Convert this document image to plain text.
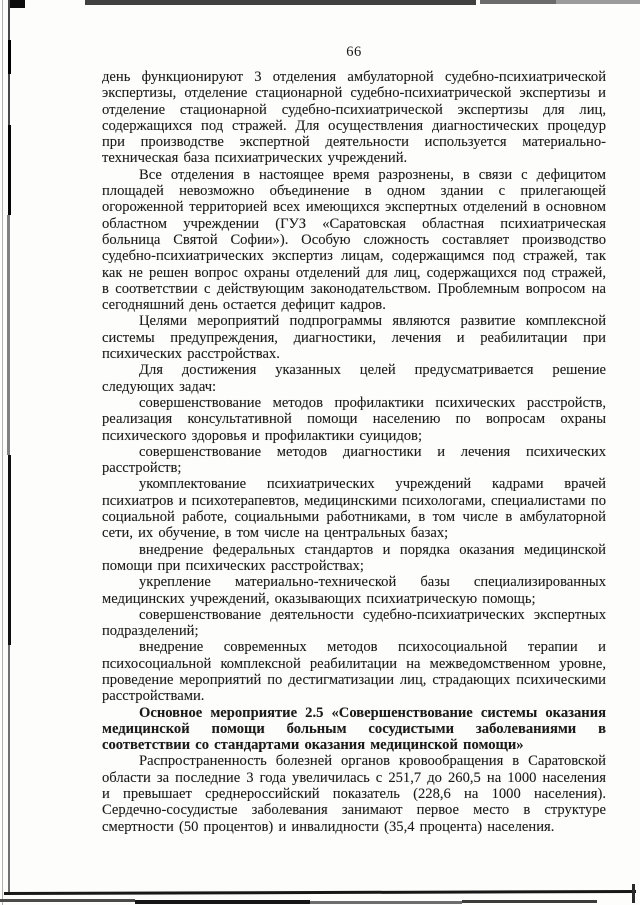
66

день функционируют 3 отделения амбулаторной судебно-психиатрической экспертизы, отделение стационарной судебно-психиатрической экспертизы и отделение стационарной судебно-психиатрической экспертизы для лиц, содержащихся под стражей. Для осуществления диагностических процедур при производстве экспертной деятельности используется материально-техническая база психиатрических учреждений.

Все отделения в настоящее время разрознены, в связи с дефицитом площадей невозможно объединение в одном здании с прилегающей огороженной территорией всех имеющихся экспертных отделений в основном областном учреждении (ГУЗ «Саратовская областная психиатрическая больница Святой Софии»). Особую сложность составляет производство судебно-психиатрических экспертиз лицам, содержащимся под стражей, так как не решен вопрос охраны отделений для лиц, содержащихся под стражей, в соответствии с действующим законодательством. Проблемным вопросом на сегодняшний день остается дефицит кадров.

Целями мероприятий подпрограммы являются развитие комплексной системы предупреждения, диагностики, лечения и реабилитации при психических расстройствах.

Для достижения указанных целей предусматривается решение следующих задач:

совершенствование методов профилактики психических расстройств, реализация консультативной помощи населению по вопросам охраны психического здоровья и профилактики суицидов;

совершенствование методов диагностики и лечения психических расстройств;

укомплектование психиатрических учреждений кадрами врачей психиатров и психотерапевтов, медицинскими психологами, специалистами по социальной работе, социальными работниками, в том числе в амбулаторной сети, их обучение, в том числе на центральных базах;

внедрение федеральных стандартов и порядка оказания медицинской помощи при психических расстройствах;

укрепление материально-технической базы специализированных медицинских учреждений, оказывающих психиатрическую помощь;

совершенствование деятельности судебно-психиатрических экспертных подразделений;

внедрение современных методов психосоциальной терапии и психосоциальной комплексной реабилитации на межведомственном уровне, проведение мероприятий по дестигматизации лиц, страдающих психическими расстройствами.

Основное мероприятие 2.5 «Совершенствование системы оказания медицинской помощи больным сосудистыми заболеваниями в соответствии со стандартами оказания медицинской помощи»

Распространенность болезней органов кровообращения в Саратовской области за последние 3 года увеличилась с 251,7 до 260,5 на 1000 населения и превышает среднероссийский показатель (228,6 на 1000 населения). Сердечно-сосудистые заболевания занимают первое место в структуре смертности (50 процентов) и инвалидности (35,4 процента) населения.
